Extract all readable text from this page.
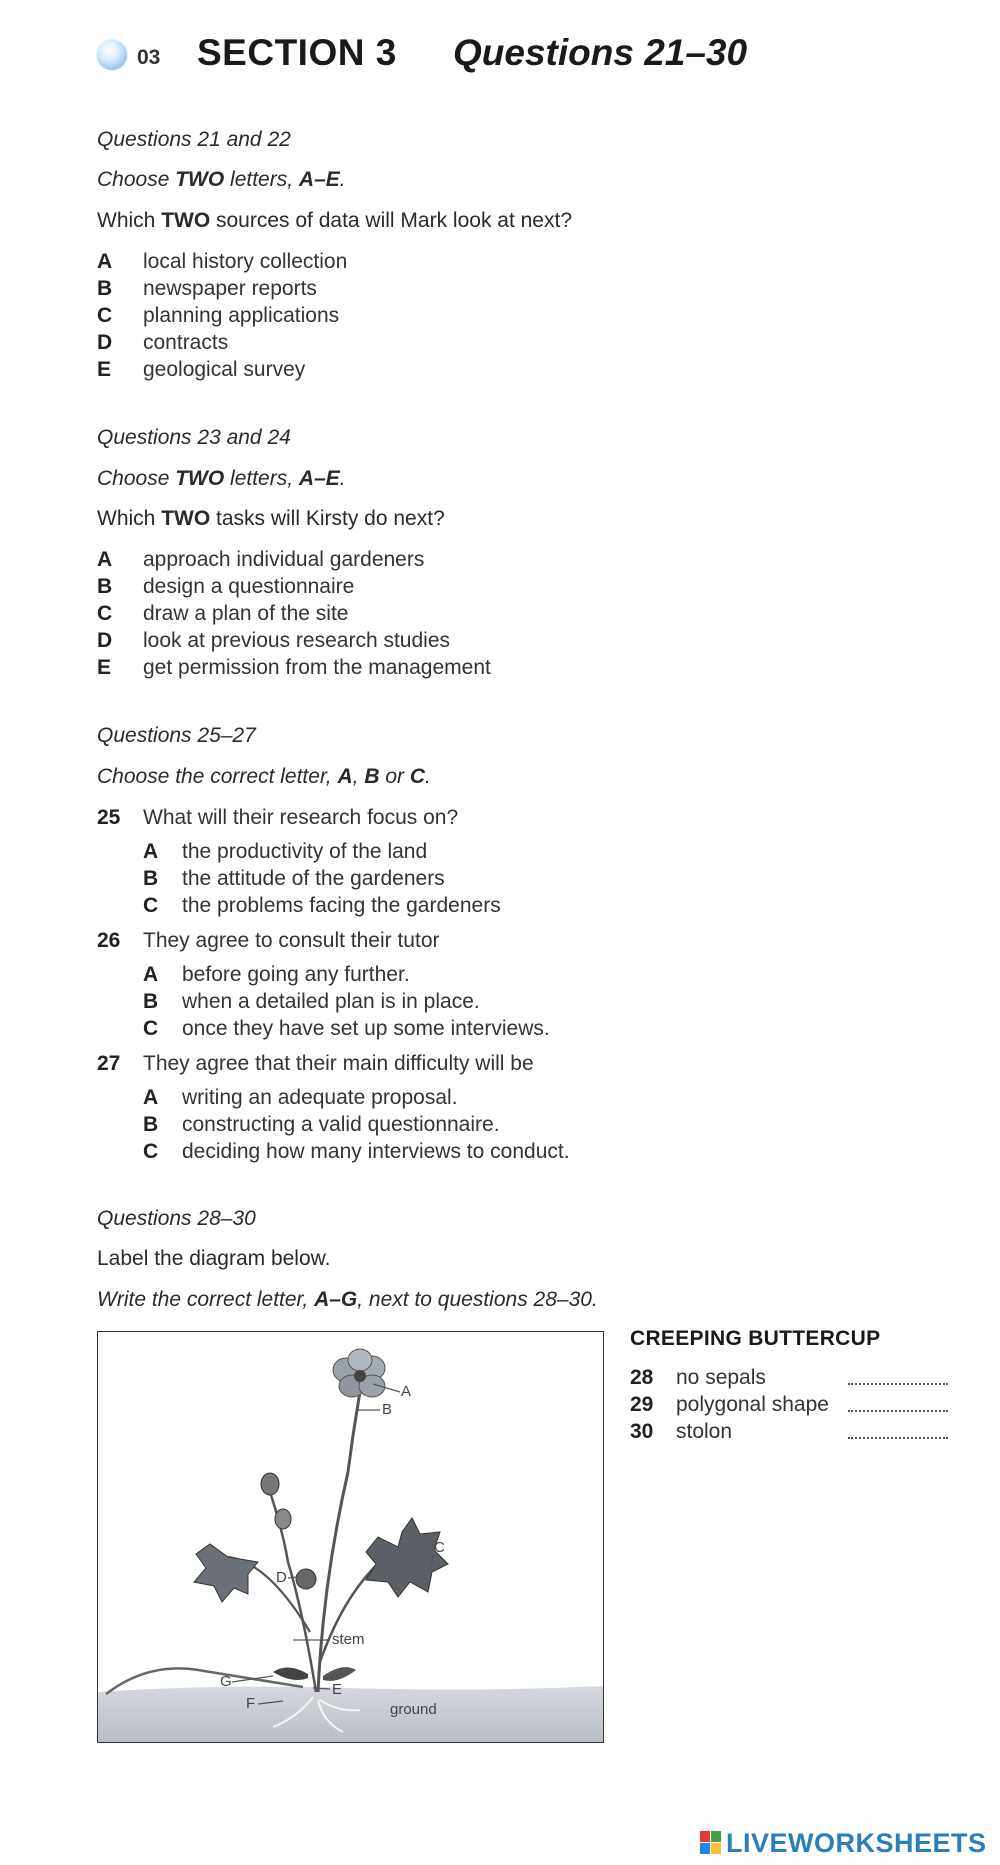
03 SECTION 3 Questions 21–30
Questions 21 and 22
Choose TWO letters, A–E.
Which TWO sources of data will Mark look at next?
A local history collection
B newspaper reports
C planning applications
D contracts
E geological survey
Questions 23 and 24
Choose TWO letters, A–E.
Which TWO tasks will Kirsty do next?
A approach individual gardeners
B design a questionnaire
C draw a plan of the site
D look at previous research studies
E get permission from the management
Questions 25–27
Choose the correct letter, A, B or C.
25 What will their research focus on?
A the productivity of the land
B the attitude of the gardeners
C the problems facing the gardeners
26 They agree to consult their tutor
A before going any further.
B when a detailed plan is in place.
C once they have set up some interviews.
27 They agree that their main difficulty will be
A writing an adequate proposal.
B constructing a valid questionnaire.
C deciding how many interviews to conduct.
Questions 28–30
Label the diagram below.
Write the correct letter, A–G, next to questions 28–30.
A
B
C
D
stem
G	E
F	ground
CREEPING BUTTERCUP
28 no sepals
29 polygonal shape
30 stolon
LIVEWORKSHEETS
